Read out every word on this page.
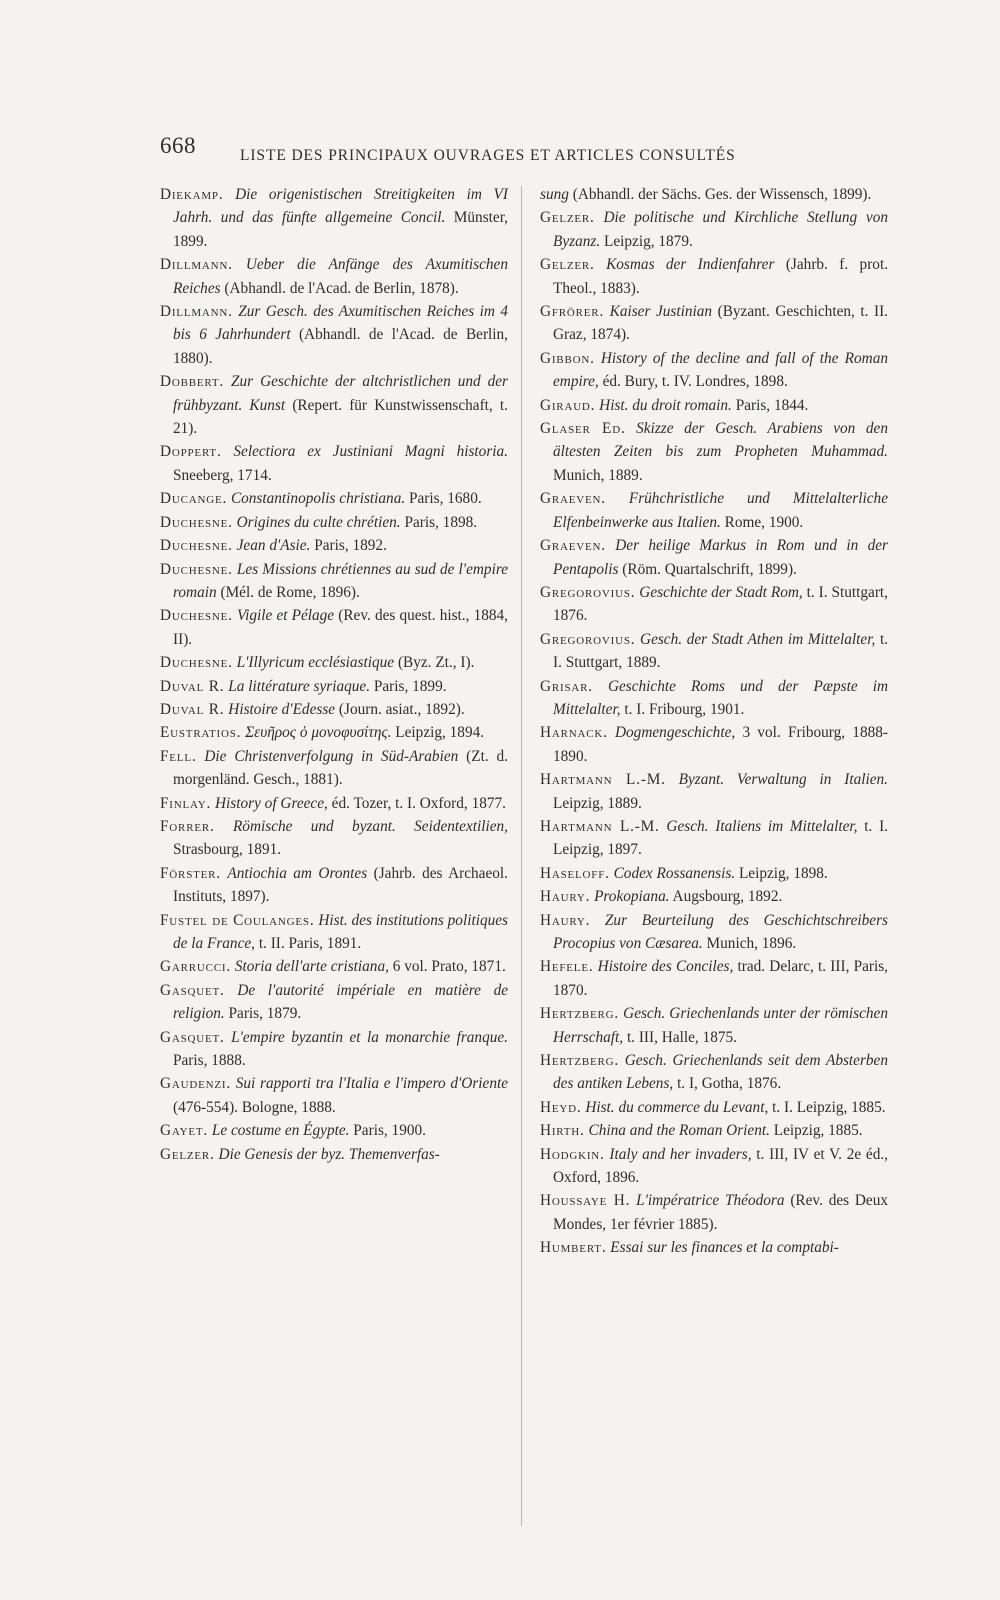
668	LISTE DES PRINCIPAUX OUVRAGES ET ARTICLES CONSULTÉS

Diekamp. Die origenistischen Streitigkeiten im VI Jahrh. und das fünfte allgemeine Concil. Münster, 1899.

Dillmann. Ueber die Anfänge des Axumitischen Reiches (Abhandl. de l'Acad. de Berlin, 1878).

Dillmann. Zur Gesch. des Axumitischen Reiches im 4 bis 6 Jahrhundert (Abhandl. de l'Acad. de Berlin, 1880).

Dobbert. Zur Geschichte der altchristlichen und der frühbyzant. Kunst (Repert. für Kunstwissenschaft, t. 21).

Doppert. Selectiora ex Justiniani Magni historia. Sneeberg, 1714.

Ducange. Constantinopolis christiana. Paris, 1680.

Duchesne. Origines du culte chrétien. Paris, 1898.

Duchesne. Jean d'Asie. Paris, 1892.

Duchesne. Les Missions chrétiennes au sud de l'empire romain (Mél. de Rome, 1896).

Duchesne. Vigile et Pélage (Rev. des quest. hist., 1884, II).

Duchesne. L'Illyricum ecclésiastique (Byz. Zt., I).

Duval R. La littérature syriaque. Paris, 1899.

Duval R. Histoire d'Edesse (Journ. asiat., 1892).

Eustratios. Σευῆρος ὁ μονοφυσίτης. Leipzig, 1894.

Fell. Die Christenverfolgung in Süd-Arabien (Zt. d. morgenländ. Gesch., 1881).

Finlay. History of Greece, éd. Tozer, t. I. Oxford, 1877.

Forrer. Römische und byzant. Seidentextilien, Strasbourg, 1891.

Förster. Antiochia am Orontes (Jahrb. des Archaeol. Instituts, 1897).

Fustel de Coulanges. Hist. des institutions politiques de la France, t. II. Paris, 1891.

Garrucci. Storia dell'arte cristiana, 6 vol. Prato, 1871.

Gasquet. De l'autorité impériale en matière de religion. Paris, 1879.

Gasquet. L'empire byzantin et la monarchie franque. Paris, 1888.

Gaudenzi. Sui rapporti tra l'Italia e l'impero d'Oriente (476-554). Bologne, 1888.

Gayet. Le costume en Égypte. Paris, 1900.

Gelzer. Die Genesis der byz. Themenverfas-

sung (Abhandl. der Sächs. Ges. der Wissensch, 1899).

Gelzer. Die politische und Kirchliche Stellung von Byzanz. Leipzig, 1879.

Gelzer. Kosmas der Indienfahrer (Jahrb. f. prot. Theol., 1883).

Gfrörer. Kaiser Justinian (Byzant. Geschichten, t. II. Graz, 1874).

Gibbon. History of the decline and fall of the Roman empire, éd. Bury, t. IV. Londres, 1898.

Giraud. Hist. du droit romain. Paris, 1844.

Glaser Ed. Skizze der Gesch. Arabiens von den ältesten Zeiten bis zum Propheten Muhammad. Munich, 1889.

Graeven. Frühchristliche und Mittelalterliche Elfenbeinwerke aus Italien. Rome, 1900.

Graeven. Der heilige Markus in Rom und in der Pentapolis (Röm. Quartalschrift, 1899).

Gregorovius. Geschichte der Stadt Rom, t. I. Stuttgart, 1876.

Gregorovius. Gesch. der Stadt Athen im Mittelalter, t. I. Stuttgart, 1889.

Grisar. Geschichte Roms und der Pæpste im Mittelalter, t. I. Fribourg, 1901.

Harnack. Dogmengeschichte, 3 vol. Fribourg, 1888-1890.

Hartmann L.-M. Byzant. Verwaltung in Italien. Leipzig, 1889.

Hartmann L.-M. Gesch. Italiens im Mittelalter, t. I. Leipzig, 1897.

Haseloff. Codex Rossanensis. Leipzig, 1898.

Haury. Prokopiana. Augsbourg, 1892.

Haury. Zur Beurteilung des Geschichtschreibers Procopius von Cæsarea. Munich, 1896.

Hefele. Histoire des Conciles, trad. Delarc, t. III, Paris, 1870.

Hertzberg. Gesch. Griechenlands unter der römischen Herrschaft, t. III, Halle, 1875.

Hertzberg. Gesch. Griechenlands seit dem Absterben des antiken Lebens, t. I, Gotha, 1876.

Heyd. Hist. du commerce du Levant, t. I. Leipzig, 1885.

Hirth. China and the Roman Orient. Leipzig, 1885.

Hodgkin. Italy and her invaders, t. III, IV et V. 2e éd., Oxford, 1896.

Houssaye H. L'impératrice Théodora (Rev. des Deux Mondes, 1er février 1885).

Humbert. Essai sur les finances et la comptabi-
